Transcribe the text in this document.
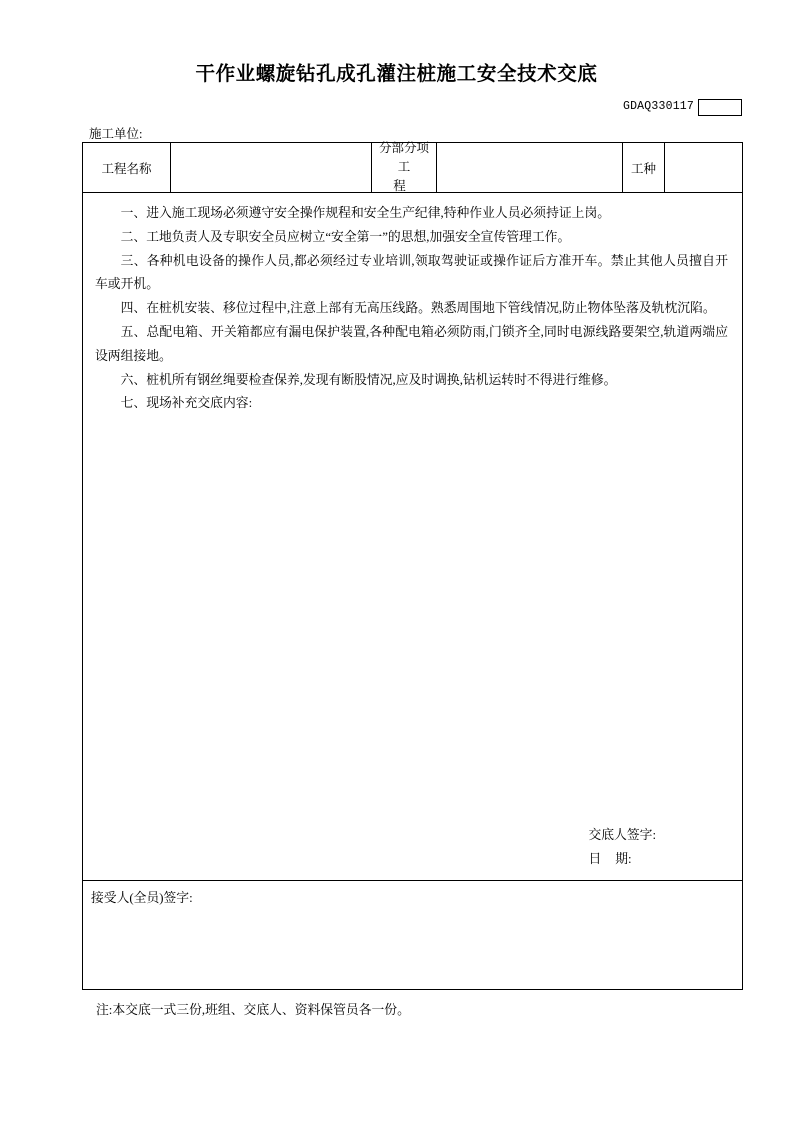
干作业螺旋钻孔成孔灌注桩施工安全技术交底
GDAQ330117
施工单位:
工程名称
分部分项
工 程
工种

一、进入施工现场必须遵守安全操作规程和安全生产纪律,特种作业人员必须持证上岗。

二、工地负责人及专职安全员应树立“安全第一”的思想,加强安全宣传管理工作。

三、各种机电设备的操作人员,都必须经过专业培训,领取驾驶证或操作证后方准开车。禁止其他人员擅自开车或开机。

四、在桩机安装、移位过程中,注意上部有无高压线路。熟悉周围地下管线情况,防止物体坠落及轨枕沉陷。

五、总配电箱、开关箱都应有漏电保护装置,各种配电箱必须防雨,门锁齐全,同时电源线路要架空,轨道两端应设两组接地。

六、桩机所有钢丝绳要检查保养,发现有断股情况,应及时调换,钻机运转时不得进行维修。

七、现场补充交底内容:

交底人签字:
日期:
接受人(全员)签字:
注:本交底一式三份,班组、交底人、资料保管员各一份。
